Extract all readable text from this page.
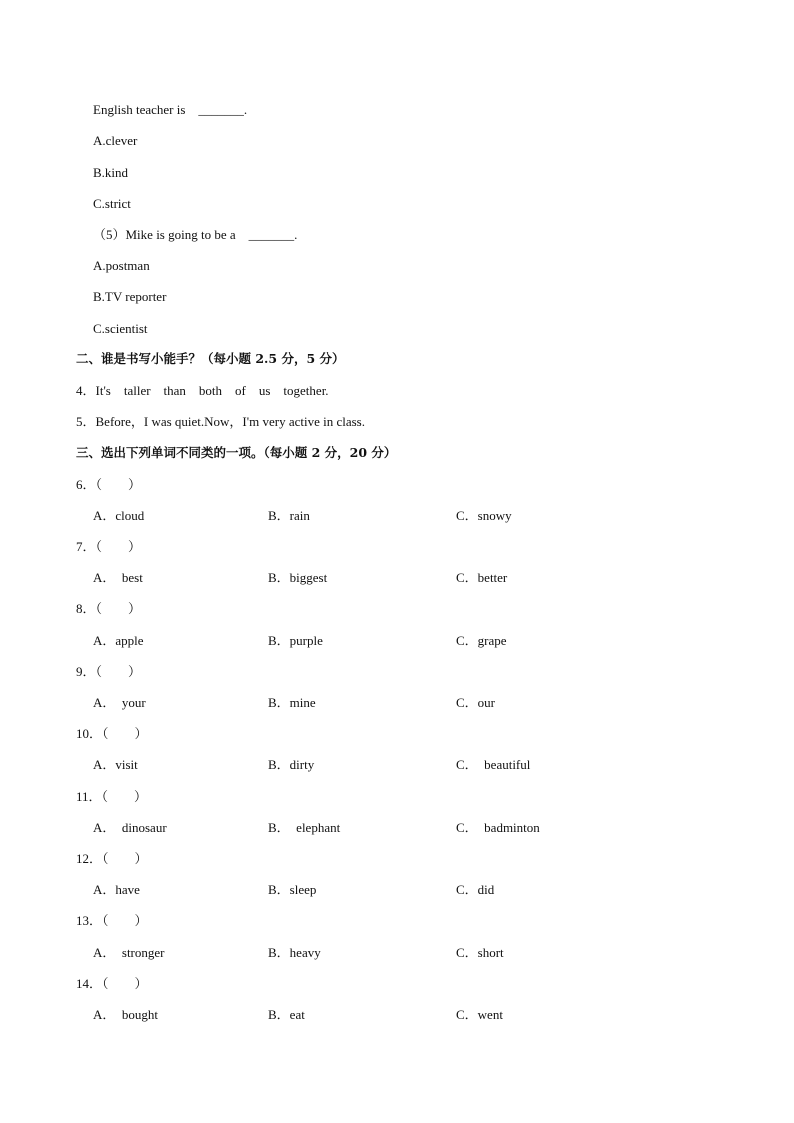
English teacher is    _______.
A.clever
B.kind
C.strict
（5）Mike is going to be a    _______.
A.postman
B.TV reporter
C.scientist
二、谁是书写小能手？（每小题 2.5 分，5 分）
4．It's    taller    than    both    of    us    together.
5．Before，I was quiet.Now，I'm very active in class.
三、选出下列单词不同类的一项。（每小题 2 分，20 分）
6．（        ）
A．cloud	B．rain	C．snowy
7．（        ）
A．  best	B．biggest	C．better
8．（        ）
A．apple	B．purple	C．grape
9．（        ）
A．  your	B．mine	C．our
10．（        ）
A．visit	B．dirty	C．  beautiful
11．（        ）
A．  dinosaur	B．  elephant	C．  badminton
12．（        ）
A．have	B．sleep	C．did
13．（        ）
A．  stronger	B．heavy	C．short
14．（        ）
A．  bought	B．eat	C．went
